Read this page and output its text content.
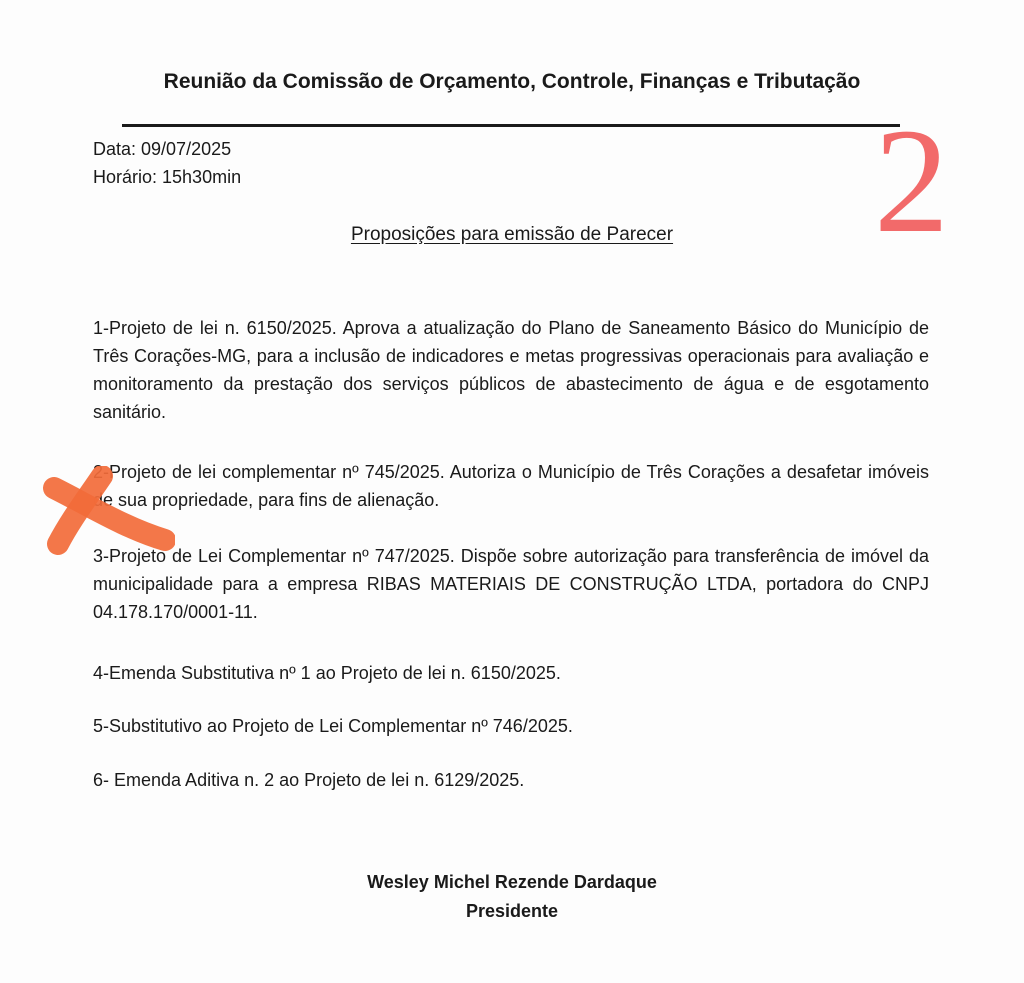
Reunião da Comissão de Orçamento, Controle, Finanças e Tributação
Data: 09/07/2025
Horário: 15h30min	2
Proposições para emissão de Parecer
1-Projeto de lei n. 6150/2025. Aprova a atualização do Plano de Saneamento Básico do Município de Três Corações-MG, para a inclusão de indicadores e metas progressivas operacionais para avaliação e monitoramento da prestação dos serviços públicos de abastecimento de água e de esgotamento sanitário.
2-Projeto de lei complementar nº 745/2025. Autoriza o Município de Três Corações a desafetar imóveis de sua propriedade, para fins de alienação.
3-Projeto de Lei Complementar nº 747/2025. Dispõe sobre autorização para transferência de imóvel da municipalidade para a empresa RIBAS MATERIAIS DE CONSTRUÇÃO LTDA, portadora do CNPJ 04.178.170/0001-11.
4-Emenda Substitutiva nº 1 ao Projeto de lei n. 6150/2025.
5-Substitutivo ao Projeto de Lei Complementar nº 746/2025.
6- Emenda Aditiva n. 2 ao Projeto de lei n. 6129/2025.
Wesley Michel Rezende Dardaque
Presidente
